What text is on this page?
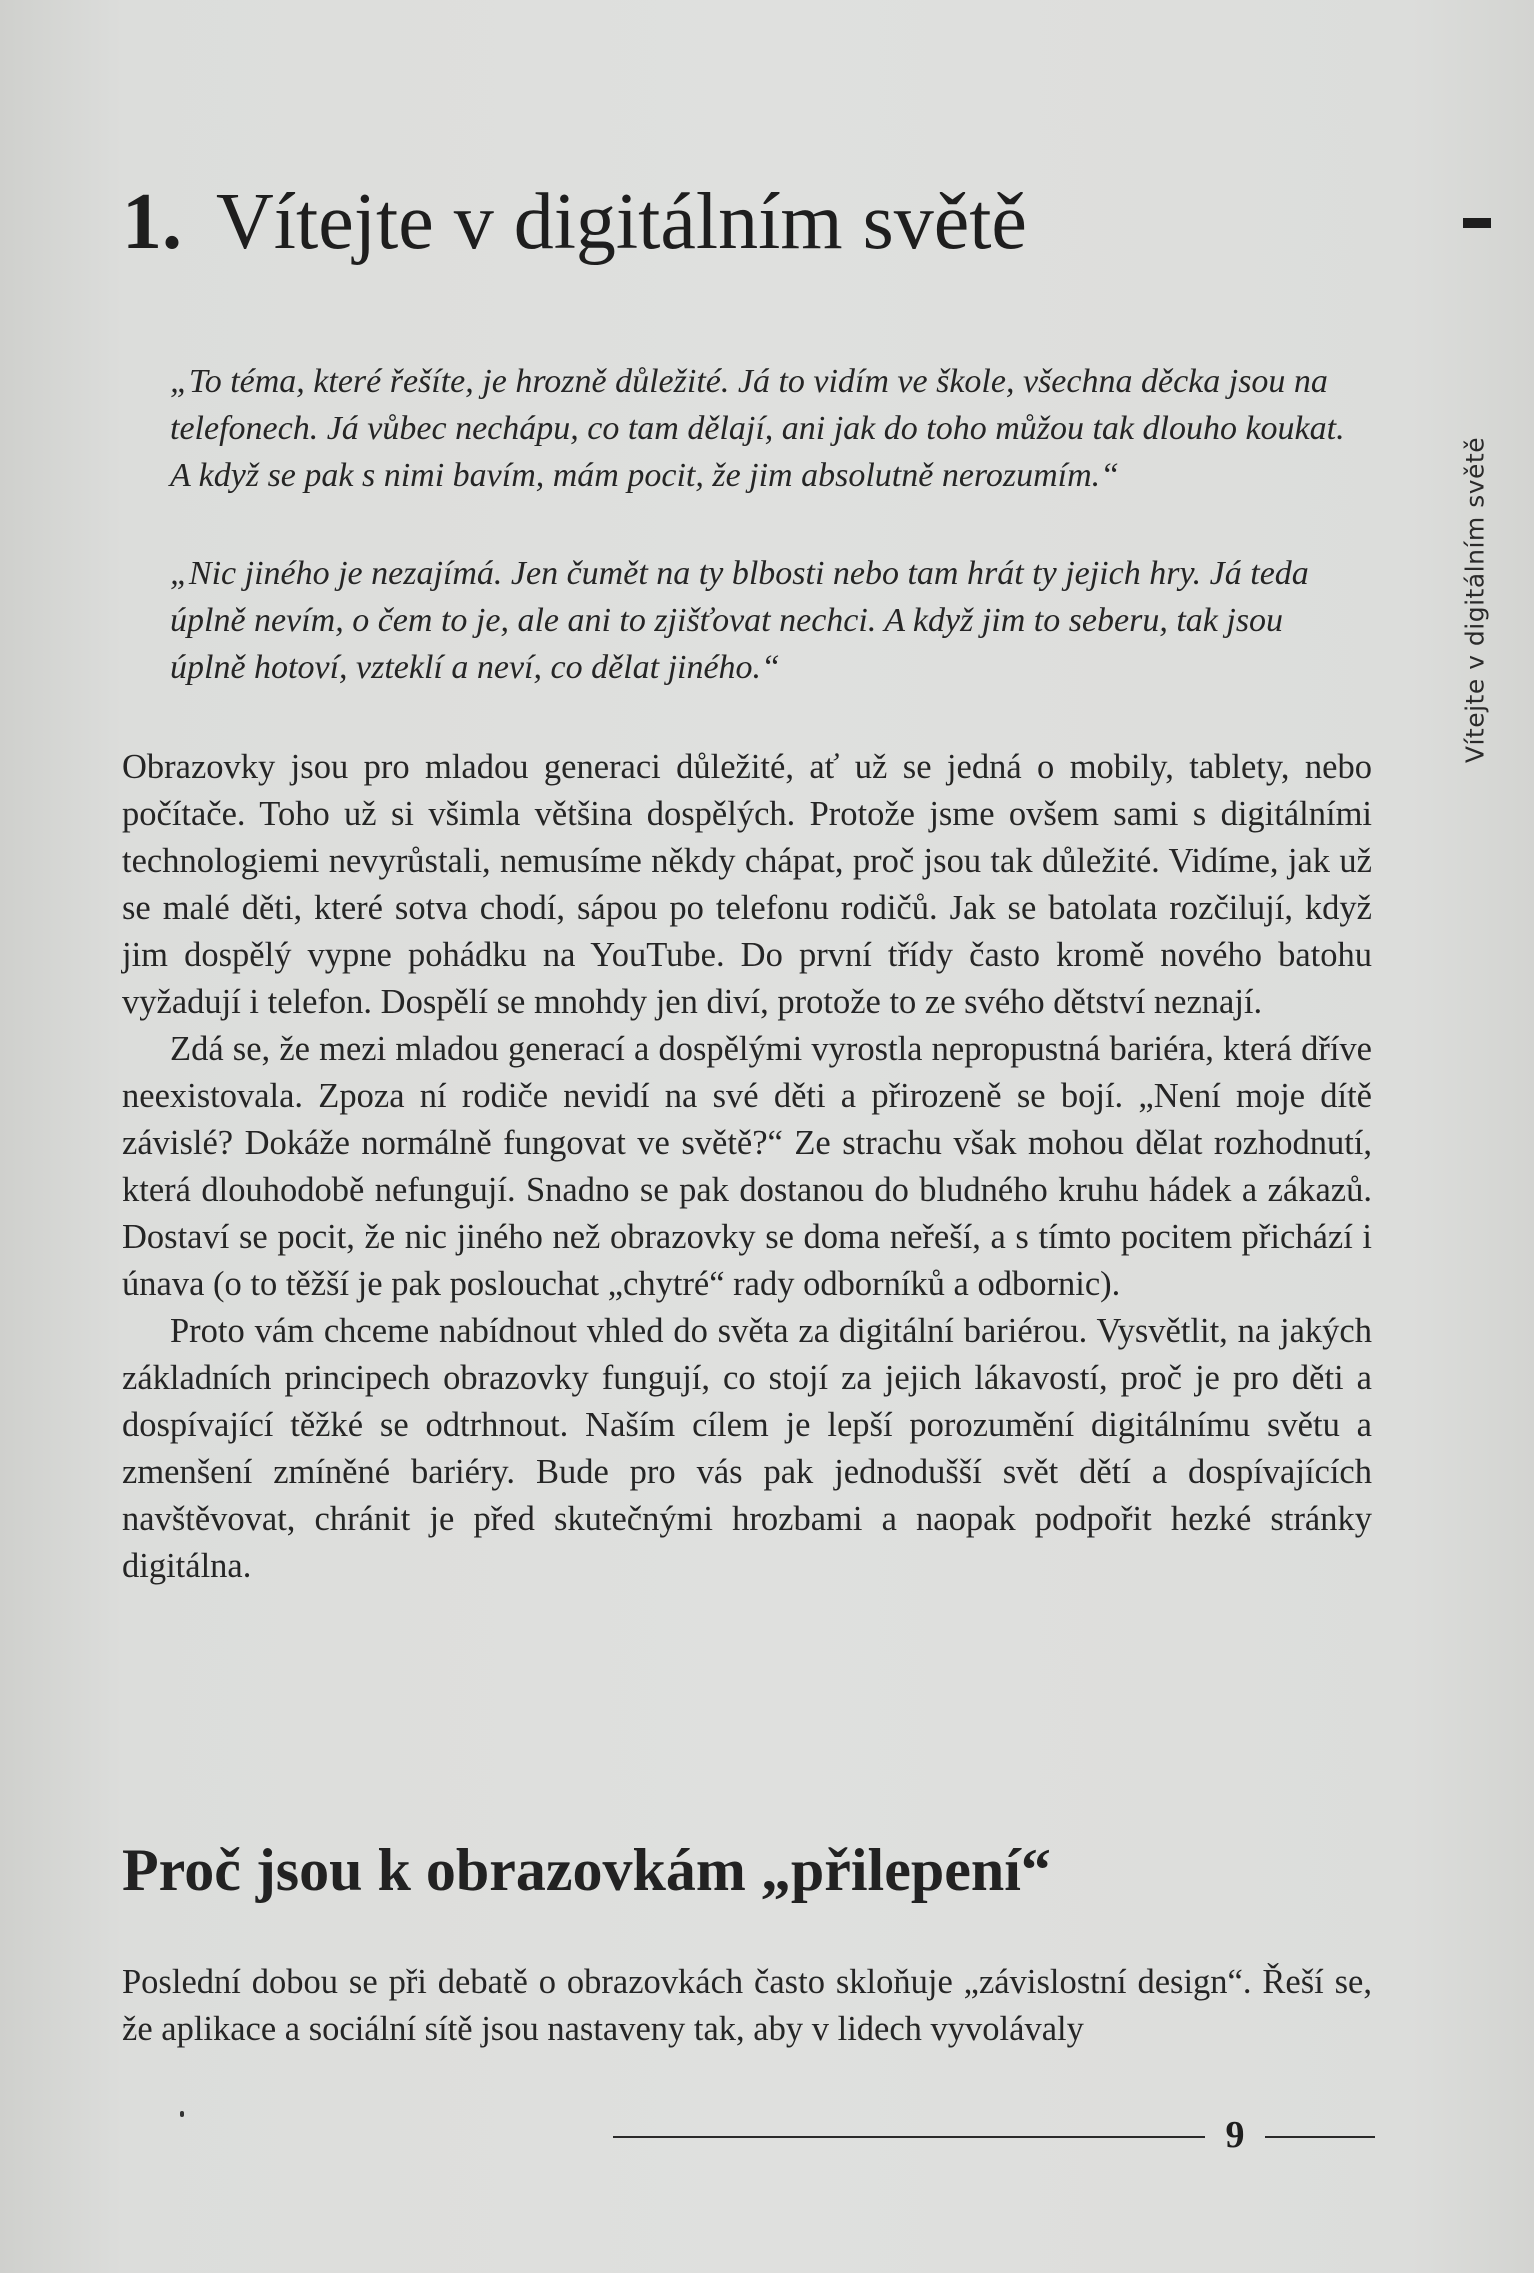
1. Vítejte v digitálním světě
Vítejte v digitálním světě

„To téma, které řešíte, je hrozně důležité. Já to vidím ve škole, všechna děcka jsou na telefonech. Já vůbec nechápu, co tam dělají, ani jak do toho můžou tak dlouho koukat. A když se pak s nimi bavím, mám pocit, že jim absolutně nerozumím.“

„Nic jiného je nezajímá. Jen čumět na ty blbosti nebo tam hrát ty jejich hry. Já teda úplně nevím, o čem to je, ale ani to zjišťovat nechci. A když jim to seberu, tak jsou úplně hotoví, vzteklí a neví, co dělat jiného.“

Obrazovky jsou pro mladou generaci důležité, ať už se jedná o mobily, tablety, nebo počítače. Toho už si všimla většina dospělých. Protože jsme ovšem sami s digitálními technologiemi nevyrůstali, nemusíme někdy chápat, proč jsou tak důležité. Vidíme, jak už se malé děti, které sotva chodí, sápou po telefonu rodičů. Jak se batolata rozčilují, když jim dospělý vypne pohádku na YouTube. Do první třídy často kromě nového batohu vyžadují i telefon. Dospělí se mnohdy jen diví, protože to ze svého dětství neznají.

Zdá se, že mezi mladou generací a dospělými vyrostla nepropustná bariéra, která dříve neexistovala. Zpoza ní rodiče nevidí na své děti a přirozeně se bojí. „Není moje dítě závislé? Dokáže normálně fungovat ve světě?“ Ze strachu však mohou dělat rozhodnutí, která dlouhodobě nefungují. Snadno se pak dostanou do bludného kruhu hádek a zákazů. Dostaví se pocit, že nic jiného než obrazovky se doma neřeší, a s tímto pocitem přichází i únava (o to těžší je pak poslouchat „chytré“ rady odborníků a odbornic).

Proto vám chceme nabídnout vhled do světa za digitální bariérou. Vysvětlit, na jakých základních principech obrazovky fungují, co stojí za jejich lákavostí, proč je pro děti a dospívající těžké se odtrhnout. Naším cílem je lepší porozumění digitálnímu světu a zmenšení zmíněné bariéry. Bude pro vás pak jednodušší svět dětí a dospívajících navštěvovat, chránit je před skutečnými hrozbami a naopak podpořit hezké stránky digitálna.

Proč jsou k obrazovkám „přilepení“

Poslední dobou se při debatě o obrazovkách často skloňuje „závislostní design“. Řeší se, že aplikace a sociální sítě jsou nastaveny tak, aby v lidech vyvolávaly

9
